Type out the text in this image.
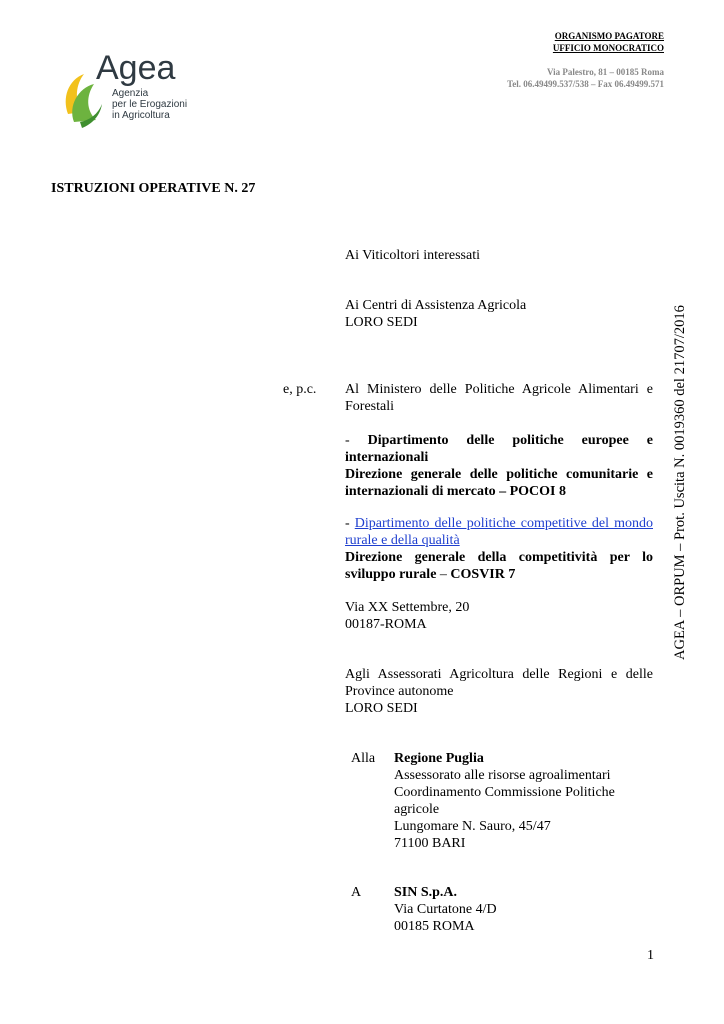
Agea
Agenzia
per le Erogazioni
in Agricoltura
ORGANISMO PAGATORE
UFFICIO MONOCRATICO
Via Palestro, 81 – 00185 Roma
Tel. 06.49499.537/538 – Fax 06.49499.571
ISTRUZIONI OPERATIVE N. 27
Ai Viticoltori interessati
Ai Centri di Assistenza Agricola
LORO SEDI
e, p.c. Al Ministero delle Politiche Agricole Alimentari e Forestali
- Dipartimento delle politiche europee e internazionali
Direzione generale delle politiche comunitarie e internazionali di mercato – POCOI 8
- Dipartimento delle politiche competitive del mondo rurale e della qualità
Direzione generale della competitività per lo sviluppo rurale – COSVIR 7
Via XX Settembre, 20
00187-ROMA
Agli Assessorati Agricoltura delle Regioni e delle Province autonome
LORO SEDI
Alla Regione Puglia
Assessorato alle risorse agroalimentari
Coordinamento Commissione Politiche agricole
Lungomare N. Sauro, 45/47
71100 BARI
A SIN S.p.A.
Via Curtatone 4/D
00185 ROMA
AGEA – ORPUM – Prot. Uscita N. 0019360 del 21707/2016
1
